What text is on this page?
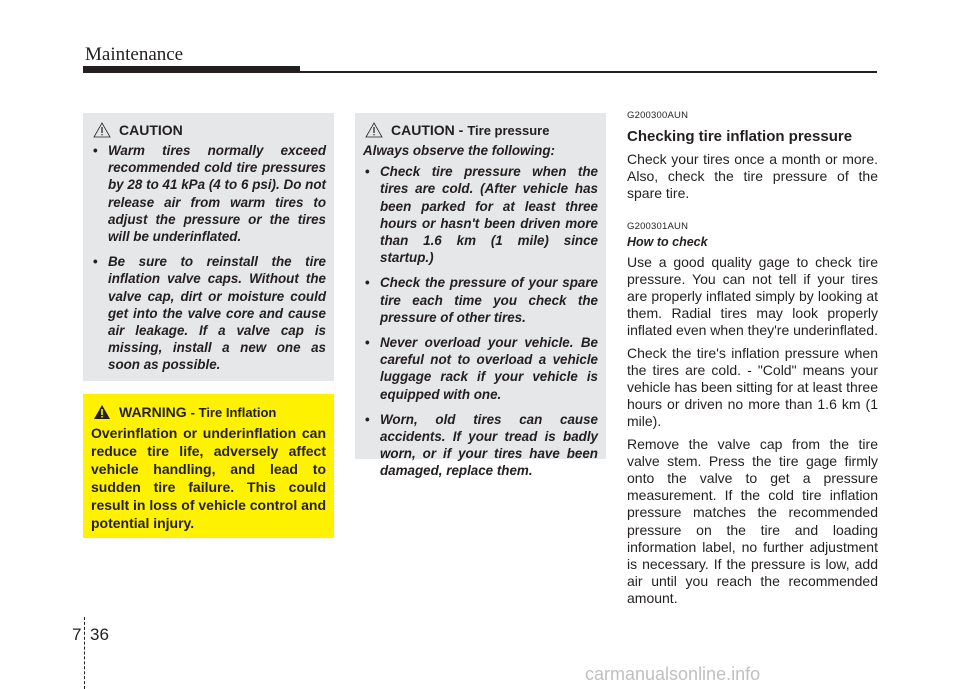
Maintenance
CAUTION
• Warm tires normally exceed recommended cold tire pressures by 28 to 41 kPa (4 to 6 psi). Do not release air from warm tires to adjust the pressure or the tires will be underinflated.
• Be sure to reinstall the tire inflation valve caps. Without the valve cap, dirt or moisture could get into the valve core and cause air leakage. If a valve cap is missing, install a new one as soon as possible.
WARNING - Tire Inflation
Overinflation or underinflation can reduce tire life, adversely affect vehicle handling, and lead to sudden tire failure. This could result in loss of vehicle control and potential injury.
CAUTION - Tire pressure
Always observe the following:
• Check tire pressure when the tires are cold. (After vehicle has been parked for at least three hours or hasn't been driven more than 1.6 km (1 mile) since startup.)
• Check the pressure of your spare tire each time you check the pressure of other tires.
• Never overload your vehicle. Be careful not to overload a vehicle luggage rack if your vehicle is equipped with one.
• Worn, old tires can cause accidents. If your tread is badly worn, or if your tires have been damaged, replace them.

G200300AUN

Checking tire inflation pressure

Check your tires once a month or more. Also, check the tire pressure of the spare tire.

G200301AUN

How to check

Use a good quality gage to check tire pressure. You can not tell if your tires are properly inflated simply by looking at them. Radial tires may look properly inflated even when they're underinflated.

Check the tire's inflation pressure when the tires are cold. - "Cold" means your vehicle has been sitting for at least three hours or driven no more than 1.6 km (1 mile).

Remove the valve cap from the tire valve stem. Press the tire gage firmly onto the valve to get a pressure measurement. If the cold tire inflation pressure matches the recommended pressure on the tire and loading information label, no further adjustment is necessary. If the pressure is low, add air until you reach the recommended amount.

7 36
carmanualsonline.info
